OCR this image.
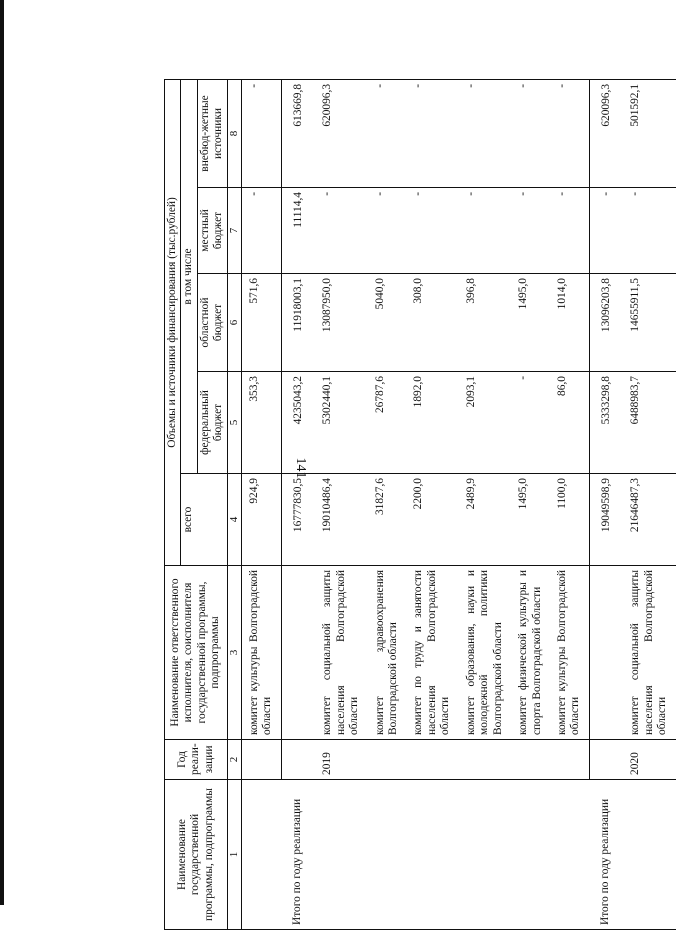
141
Наименование государственной программы, подпрограммы	Год реали-зации	Наименование ответственного исполнителя, соисполнителя государственной программы, подпрограммы	Объемы и источники финансирования (тыс.рублей)				
			всего	в том числе			
				федеральный бюджет	областной бюджет	местный бюджет	внебюд-жетные источники
1	2	3	4	5	6	7	8
		комитет культуры Волгоградской области	924,9	353,3	571,6	-	-
Итого по году реализации			16777830,5	4235043,2	11918003,1	11114,4	613669,8
	2019	комитет социальной защиты населения Волгоградской области	19010486,4	5302440,1	13087950,0	-	620096,3
		комитет здравоохранения Волгоградской области	31827,6	26787,6	5040,0	-	-
		комитет по труду и занятости населения Волгоградской области	2200,0	1892,0	308,0	-	-
		комитет образования, науки и молодежной политики Волгоградской области	2489,9	2093,1	396,8	-	-
		комитет физической культуры и спорта Волгоградской области	1495,0	-	1495,0	-	-
		комитет культуры Волгоградской области	1100,0	86,0	1014,0	-	-
Итого по году реализации			19049598,9	5333298,8	13096203,8	-	620096,3
	2020	комитет социальной защиты населения Волгоградской области	21646487,3	6488983,7	14655911,5	-	501592,1
